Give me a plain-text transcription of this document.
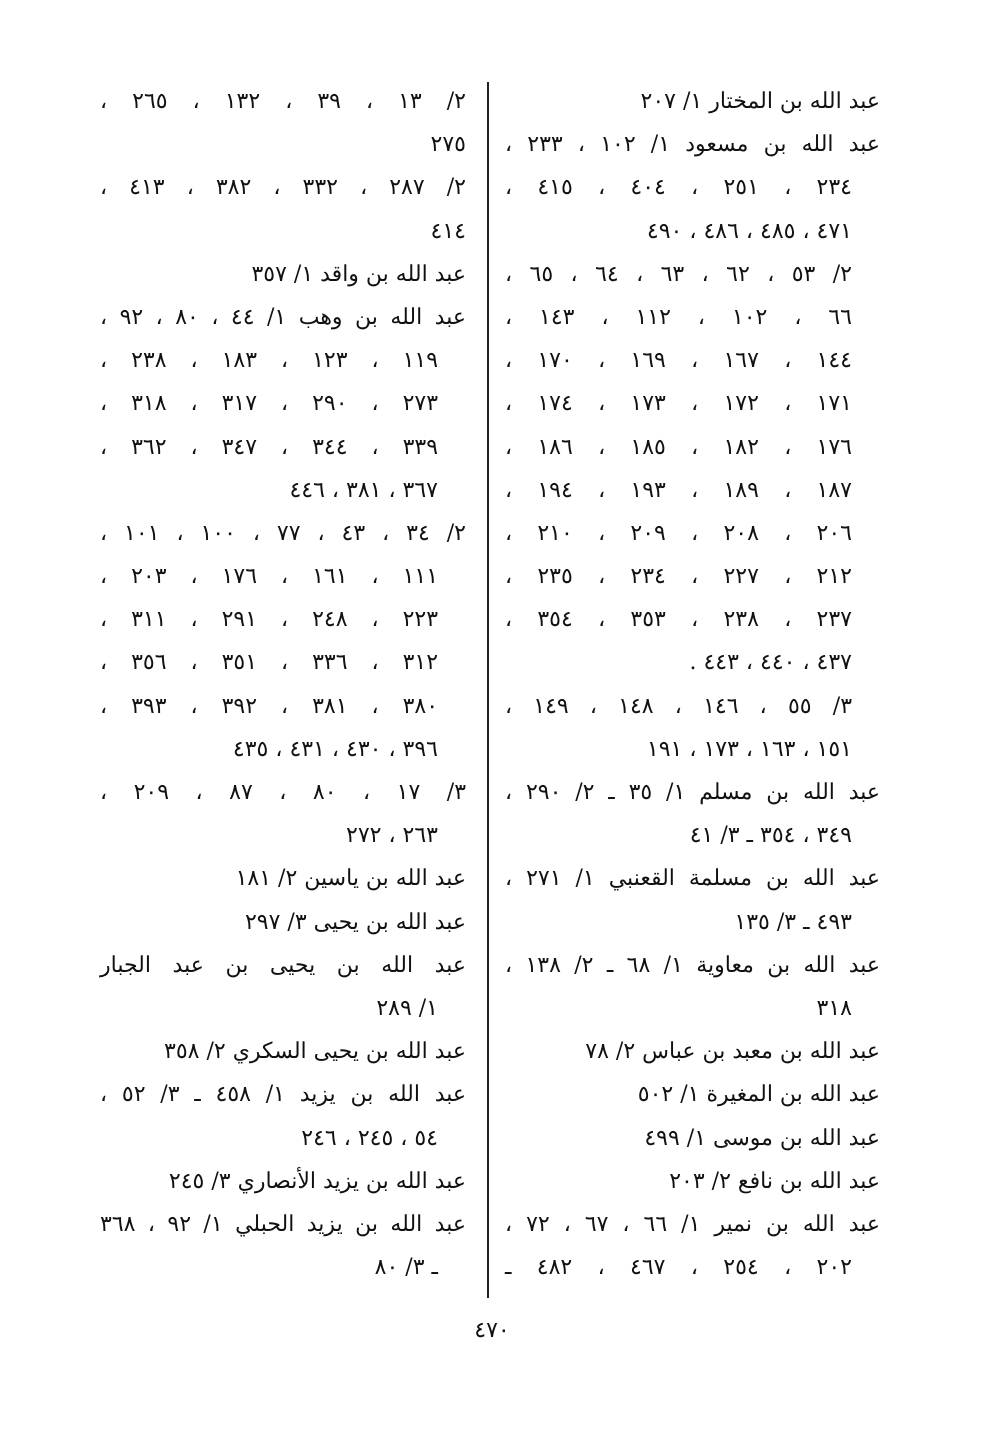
عبد الله بن المختار ١/ ٢٠٧
عبد الله بن مسعود ١/ ١٠٢ ، ٢٣٣ ،
٢٣٤ ، ٢٥١ ، ٤٠٤ ، ٤١٥ ،
٤٧١ ، ٤٨٥ ، ٤٨٦ ، ٤٩٠
٢/ ٥٣ ، ٦٢ ، ٦٣ ، ٦٤ ، ٦٥ ،
٦٦ ، ١٠٢ ، ١١٢ ، ١٤٣ ،
١٤٤ ، ١٦٧ ، ١٦٩ ، ١٧٠ ،
١٧١ ، ١٧٢ ، ١٧٣ ، ١٧٤ ،
١٧٦ ، ١٨٢ ، ١٨٥ ، ١٨٦ ،
١٨٧ ، ١٨٩ ، ١٩٣ ، ١٩٤ ،
٢٠٦ ، ٢٠٨ ، ٢٠٩ ، ٢١٠ ،
٢١٢ ، ٢٢٧ ، ٢٣٤ ، ٢٣٥ ،
٢٣٧ ، ٢٣٨ ، ٣٥٣ ، ٣٥٤ ،
٤٣٧ ، ٤٤٠ ، ٤٤٣ .
٣/ ٥٥ ، ١٤٦ ، ١٤٨ ، ١٤٩ ،
١٥١ ، ١٦٣ ، ١٧٣ ، ١٩١
عبد الله بن مسلم ١/ ٣٥ ـ ٢/ ٢٩٠ ،
٣٤٩ ، ٣٥٤ ـ ٣/ ٤١
عبد الله بن مسلمة القعنبي ١/ ٢٧١ ،
٤٩٣ ـ ٣/ ١٣٥
عبد الله بن معاوية ١/ ٦٨ ـ ٢/ ١٣٨ ،
٣١٨
عبد الله بن معبد بن عباس ٢/ ٧٨
عبد الله بن المغيرة ١/ ٥٠٢
عبد الله بن موسى ١/ ٤٩٩
عبد الله بن نافع ٢/ ٢٠٣
عبد الله بن نمير ١/ ٦٦ ، ٦٧ ، ٧٢ ،
٢٠٢ ، ٢٥٤ ، ٤٦٧ ، ٤٨٢ ـ
٢/ ١٣ ، ٣٩ ، ١٣٢ ، ٢٦٥ ،
٢٧٥
٢/ ٢٨٧ ، ٣٣٢ ، ٣٨٢ ، ٤١٣ ،
٤١٤
عبد الله بن واقد ١/ ٣٥٧
عبد الله بن وهب ١/ ٤٤ ، ٨٠ ، ٩٢ ،
١١٩ ، ١٢٣ ، ١٨٣ ، ٢٣٨ ،
٢٧٣ ، ٢٩٠ ، ٣١٧ ، ٣١٨ ،
٣٣٩ ، ٣٤٤ ، ٣٤٧ ، ٣٦٢ ،
٣٦٧ ، ٣٨١ ، ٤٤٦
٢/ ٣٤ ، ٤٣ ، ٧٧ ، ١٠٠ ، ١٠١ ،
١١١ ، ١٦١ ، ١٧٦ ، ٢٠٣ ،
٢٢٣ ، ٢٤٨ ، ٢٩١ ، ٣١١ ،
٣١٢ ، ٣٣٦ ، ٣٥١ ، ٣٥٦ ،
٣٨٠ ، ٣٨١ ، ٣٩٢ ، ٣٩٣ ،
٣٩٦ ، ٤٣٠ ، ٤٣١ ، ٤٣٥
٣/ ١٧ ، ٨٠ ، ٨٧ ، ٢٠٩ ،
٢٦٣ ، ٢٧٢
عبد الله بن ياسين ٢/ ١٨١
عبد الله بن يحيى ٣/ ٢٩٧
عبد الله بن يحيى بن عبد الجبار
١/ ٢٨٩
عبد الله بن يحيى السكري ٢/ ٣٥٨
عبد الله بن يزيد ١/ ٤٥٨ ـ ٣/ ٥٢ ،
٥٤ ، ٢٤٥ ، ٢٤٦
عبد الله بن يزيد الأنصاري ٣/ ٢٤٥
عبد الله بن يزيد الحبلي ١/ ٩٢ ، ٣٦٨
ـ ٣/ ٨٠
٤٧٠
